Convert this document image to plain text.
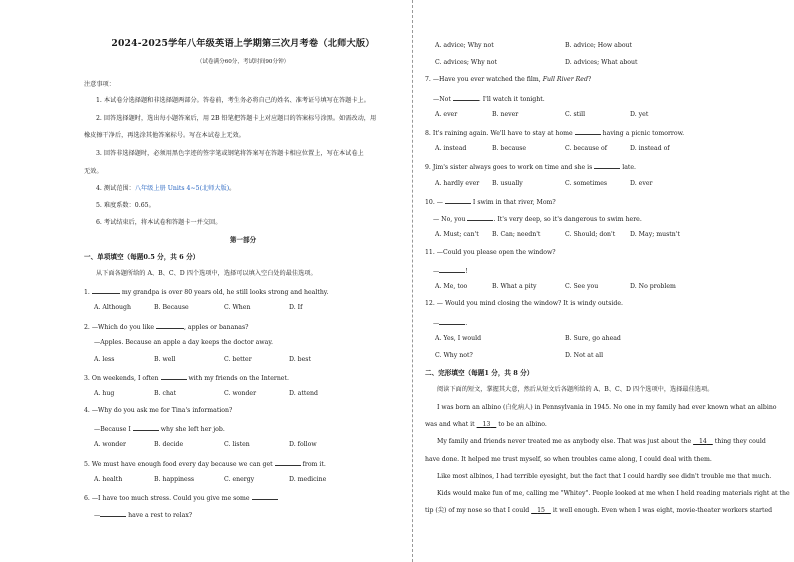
2024-2025学年八年级英语上学期第三次月考卷（北师大版）
（试卷满分60分，考试时间90分钟）
注意事项：
1. 本试卷分选择题和非选择题两部分。答卷前，考生务必将自己的姓名、准考证号填写在答题卡上。
2. 回答选择题时，选出每小题答案后，用 2B 铅笔把答题卡上对应题目的答案标号涂黑。如需改动，用
橡皮擦干净后，再选涂其他答案标号。写在本试卷上无效。
3. 回答非选择题时，必须用黑色字迹的签字笔或钢笔将答案写在答题卡相应位置上，写在本试卷上
无效。
4. 测试范围：八年级上册 Units 4~5(北师大版)。
5. 难度系数：0.65。
6. 考试结束后，将本试卷和答题卡一并交回。
第一部分
一、单项填空（每题0.5 分，共 6 分）
从下面各题所给的 A、B、C、D 四个选项中，选择可以填入空白处的最佳选项。
1.	my grandpa is over 80 years old, he still looks strong and healthy.
A. Although	B. Because	C. When	D. If
2. —Which do you like	, apples or bananas?
—Apples. Because an apple a day keeps the doctor away.
A. less	B. well	C. better	D. best
3. On weekends, I often	with my friends on the Internet.
A. hug	B. chat	C. wonder	D. attend
4. —Why do you ask me for Tina's information?
—Because I	why she left her job.
A. wonder	B. decide	C. listen	D. follow
5. We must have enough food every day because we can get	from it.
A. health	B. happiness	C. energy	D. medicine
6. —I have too much stress. Could you give me some
—	have a rest to relax?
A. advice; Why not	B. advice; How about
C. advices; Why not	D. advices; What about
7. —Have you ever watched the film, Full River Red?
—Not	. I'll watch it tonight.
A. ever	B. never	C. still	D. yet
8. It's raining again. We'll have to stay at home	having a picnic tomorrow.
A. instead	B. because	C. because of	D. instead of
9. Jim's sister always goes to work on time and she is	late.
A. hardly ever B. usually	C. sometimes	D. ever
10. —	I swim in that river, Mom?
— No, you	. It's very deep, so it's dangerous to swim here.
A. Must; can't B. Can; needn't	C. Should; don't D. May; mustn't
11. —Could you please open the window?
—	!
A. Me, too	B. What a pity	C. See you	D. No problem
12. — Would you mind closing the window? It is windy outside.
—	.
A. Yes, I would	B. Sure, go ahead
C. Why not?	D. Not at all
二、完形填空（每题1 分，共 8 分）
阅读下面的短文，掌握其大意，然后从短文后各题所给的 A、B、C、D 四个选项中，选择最佳选项。
I was born an albino (白化病人) in Pennsylvania in 1945. No one in my family had ever known what an albino
was and what it    13    to be an albino.
My family and friends never treated me as anybody else. That was just about the    14    thing they could
have done. It helped me trust myself, so when troubles came along, I could deal with them.
Like most albinos, I had terrible eyesight, but the fact that I could hardly see didn't trouble me that much.
Kids would make fun of me, calling me "Whitey". People looked at me when I held reading materials right at the
tip (尖) of my nose so that I could    15    it well enough. Even when I was eight, movie-theater workers started
